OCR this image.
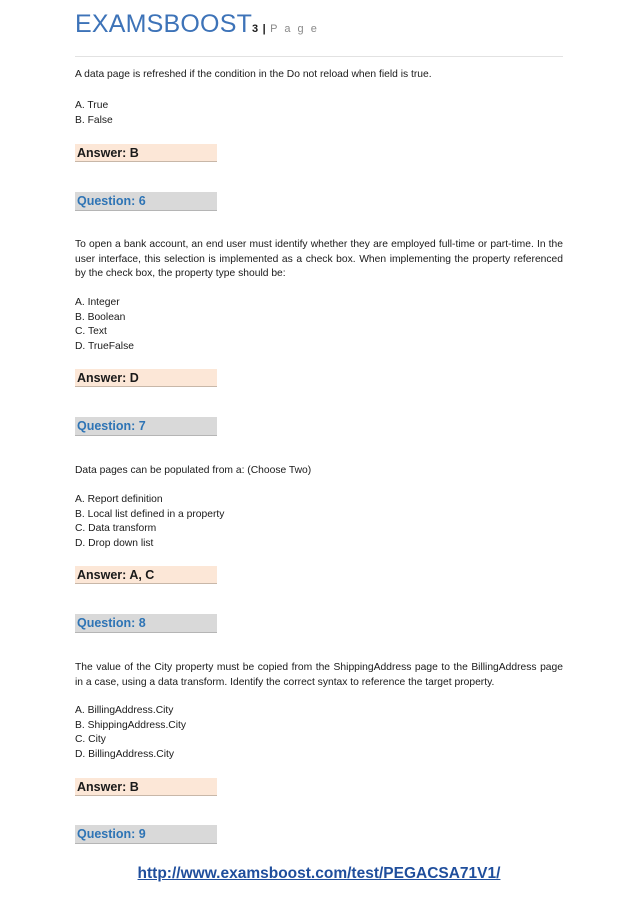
EXAMSBOOST3 | P a g e
A data page is refreshed if the condition in the Do not reload when field is true.
A. True
B. False
Answer: B
Question: 6
To open a bank account, an end user must identify whether they are employed full-time or part-time. In the user interface, this selection is implemented as a check box. When implementing the property referenced by the check box, the property type should be:
A. Integer
B. Boolean
C. Text
D. TrueFalse
Answer: D
Question: 7
Data pages can be populated from a: (Choose Two)
A. Report definition
B. Local list defined in a property
C. Data transform
D. Drop down list
Answer: A, C
Question: 8
The value of the City property must be copied from the ShippingAddress page to the BillingAddress page in a case, using a data transform. Identify the correct syntax to reference the target property.
A. BillingAddress.City
B. ShippingAddress.City
C. City
D. BillingAddress.City
Answer: B
Question: 9
http://www.examsboost.com/test/PEGACSA71V1/
